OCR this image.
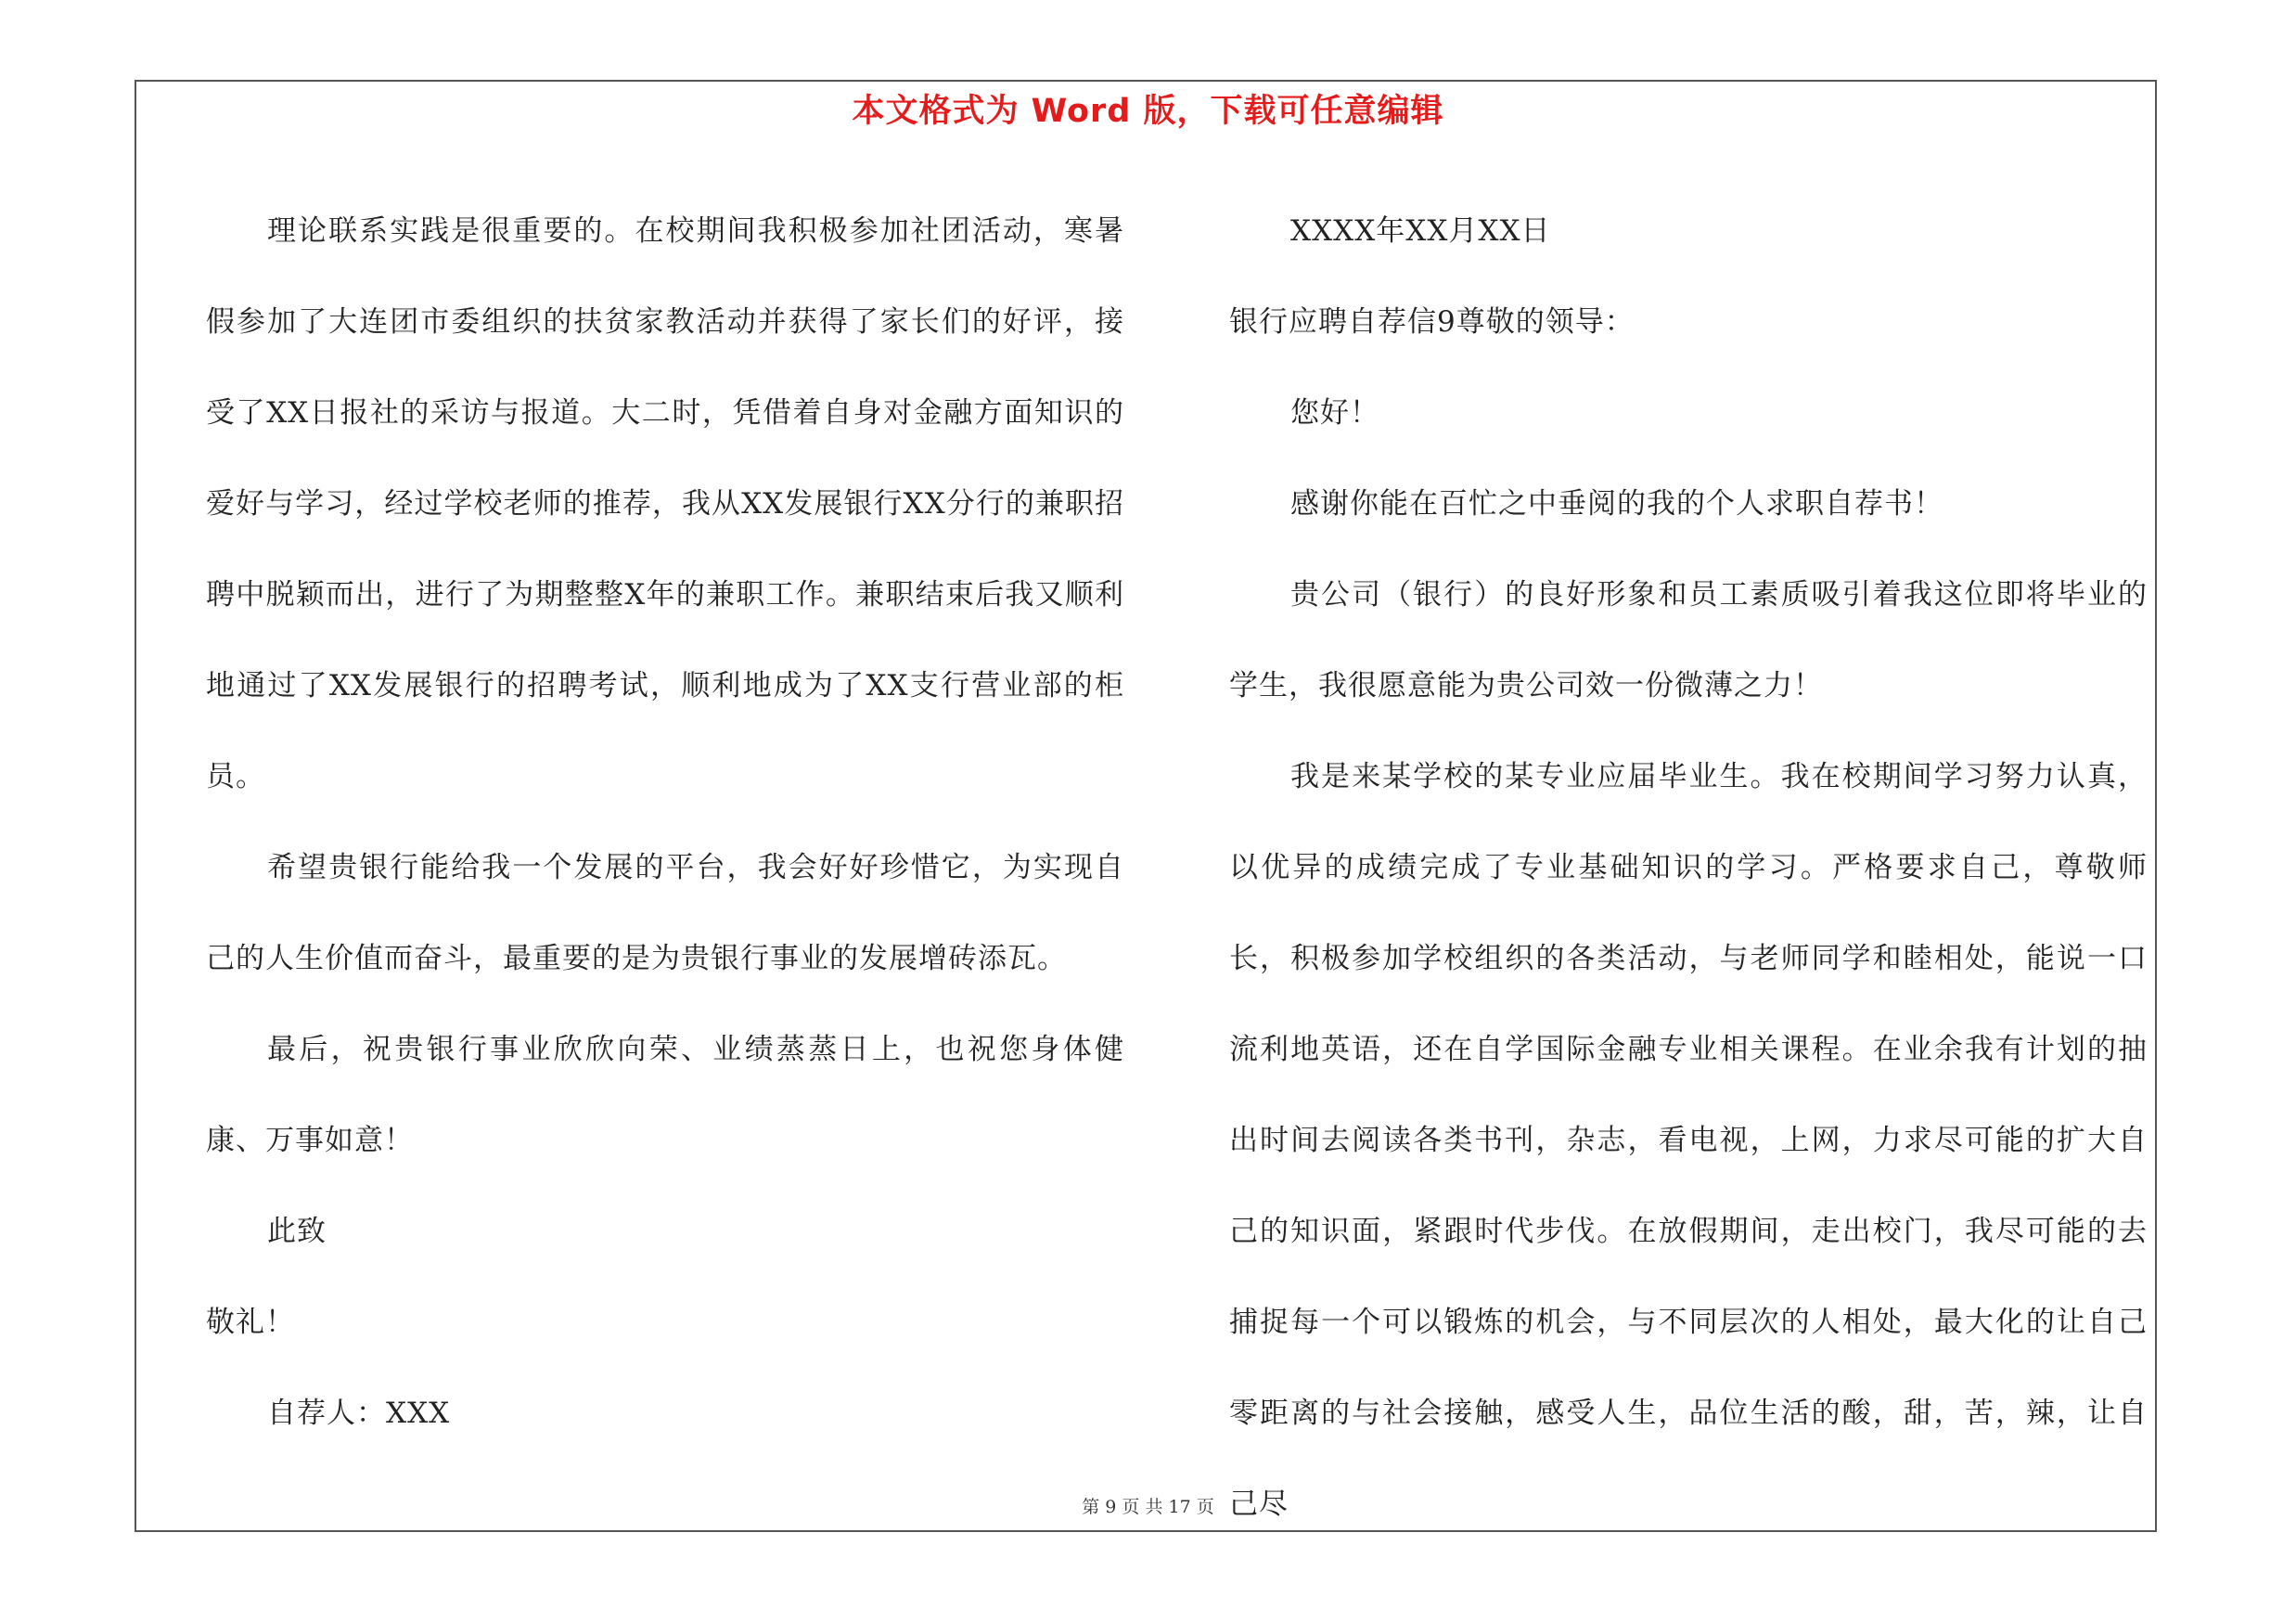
本文格式为 Word 版，下载可任意编辑

理论联系实践是很重要的。在校期间我积极参加社团活动，寒暑假参加了大连团市委组织的扶贫家教活动并获得了家长们的好评，接受了XX日报社的采访与报道。大二时，凭借着自身对金融方面知识的爱好与学习，经过学校老师的推荐，我从XX发展银行XX分行的兼职招聘中脱颖而出，进行了为期整整X年的兼职工作。兼职结束后我又顺利地通过了XX发展银行的招聘考试，顺利地成为了XX支行营业部的柜员。

希望贵银行能给我一个发展的平台，我会好好珍惜它，为实现自己的人生价值而奋斗，最重要的是为贵银行事业的发展增砖添瓦。

最后，祝贵银行事业欣欣向荣、业绩蒸蒸日上，也祝您身体健康、万事如意！

此致

敬礼！

自荐人：XXX

XXXX年XX月XX日

银行应聘自荐信9尊敬的领导：

您好！

感谢你能在百忙之中垂阅的我的个人求职自荐书！

贵公司（银行）的良好形象和员工素质吸引着我这位即将毕业的学生，我很愿意能为贵公司效一份微薄之力！

我是来某学校的某专业应届毕业生。我在校期间学习努力认真，以优异的成绩完成了专业基础知识的学习。严格要求自己，尊敬师长，积极参加学校组织的各类活动，与老师同学和睦相处，能说一口流利地英语，还在自学国际金融专业相关课程。在业余我有计划的抽出时间去阅读各类书刊，杂志，看电视，上网，力求尽可能的扩大自己的知识面，紧跟时代步伐。在放假期间，走出校门，我尽可能的去捕捉每一个可以锻炼的机会，与不同层次的人相处，最大化的让自己零距离的与社会接触，感受人生，品位生活的酸，甜，苦，辣，让自己尽

第 9 页 共 17 页
